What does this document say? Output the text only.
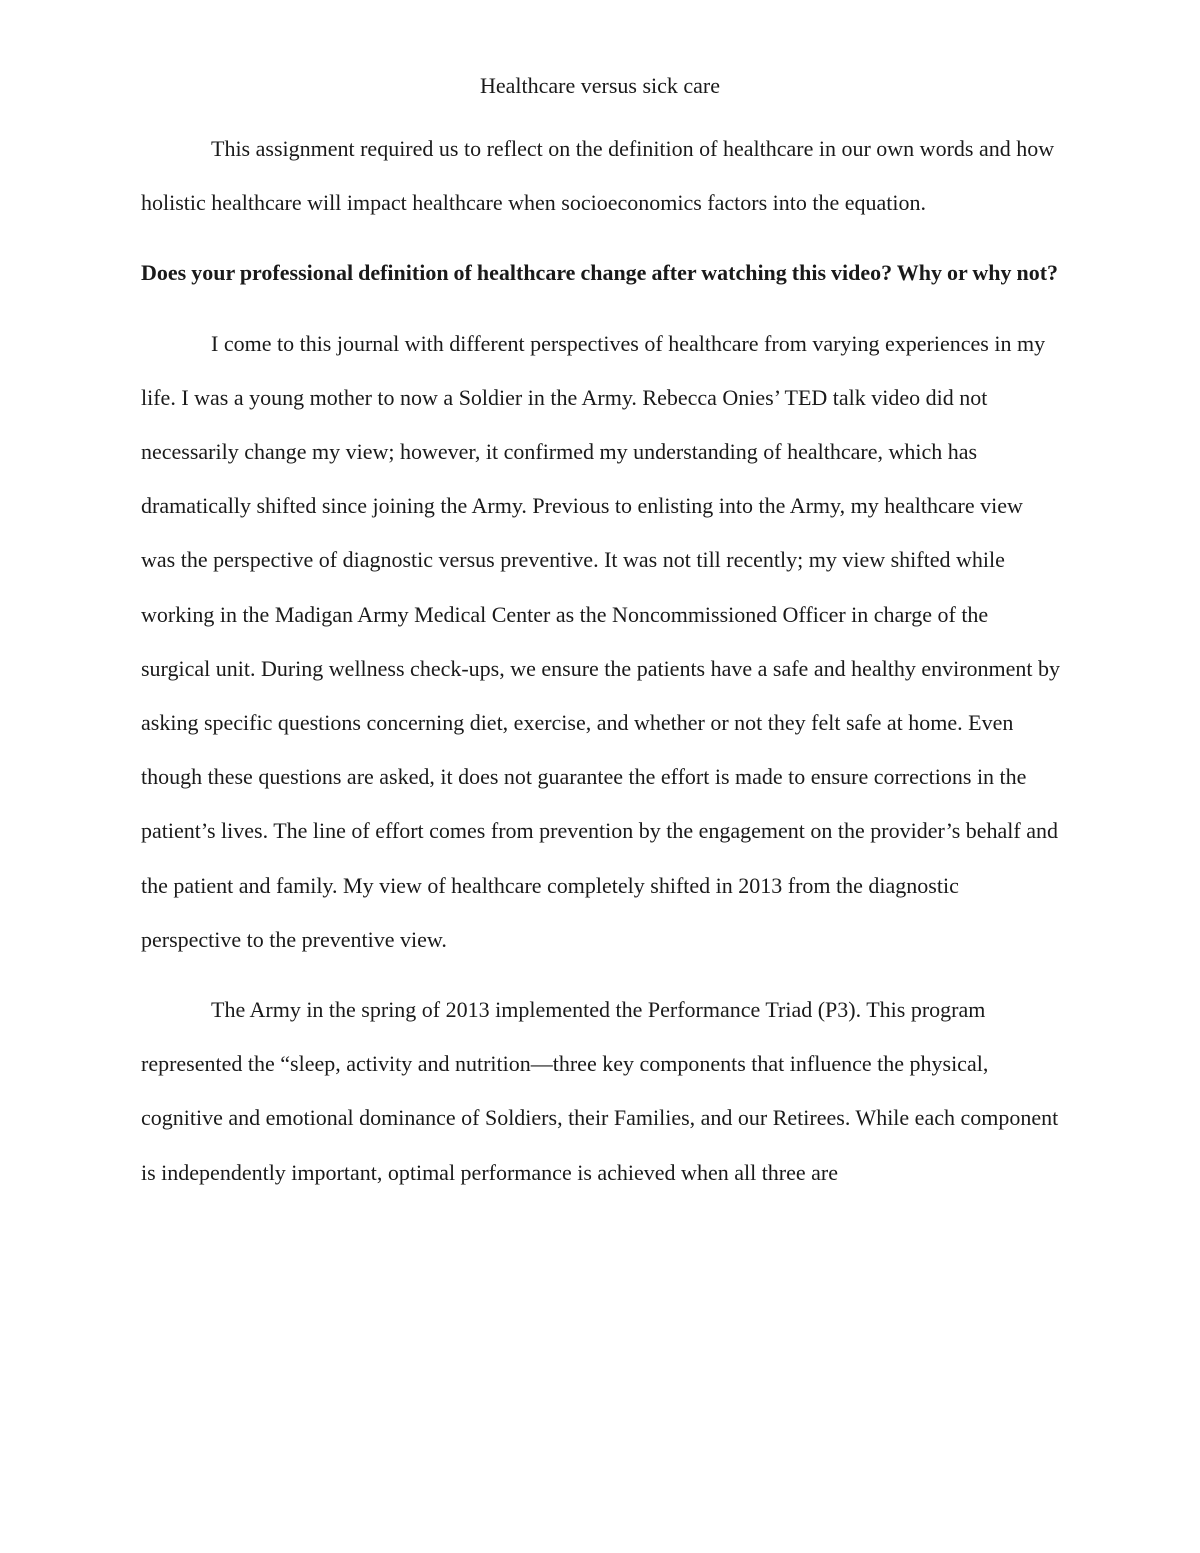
Healthcare versus sick care

This assignment required us to reflect on the definition of healthcare in our own words and how holistic healthcare will impact healthcare when socioeconomics factors into the equation.

Does your professional definition of healthcare change after watching this video? Why or why not?

I come to this journal with different perspectives of healthcare from varying experiences in my life. I was a young mother to now a Soldier in the Army. Rebecca Onies’ TED talk video did not necessarily change my view; however, it confirmed my understanding of healthcare, which has dramatically shifted since joining the Army. Previous to enlisting into the Army, my healthcare view was the perspective of diagnostic versus preventive. It was not till recently; my view shifted while working in the Madigan Army Medical Center as the Noncommissioned Officer in charge of the surgical unit. During wellness check-ups, we ensure the patients have a safe and healthy environment by asking specific questions concerning diet, exercise, and whether or not they felt safe at home. Even though these questions are asked, it does not guarantee the effort is made to ensure corrections in the patient’s lives. The line of effort comes from prevention by the engagement on the provider’s behalf and the patient and family. My view of healthcare completely shifted in 2013 from the diagnostic perspective to the preventive view.

The Army in the spring of 2013 implemented the Performance Triad (P3). This program represented the “sleep, activity and nutrition—three key components that influence the physical, cognitive and emotional dominance of Soldiers, their Families, and our Retirees. While each component is independently important, optimal performance is achieved when all three are
